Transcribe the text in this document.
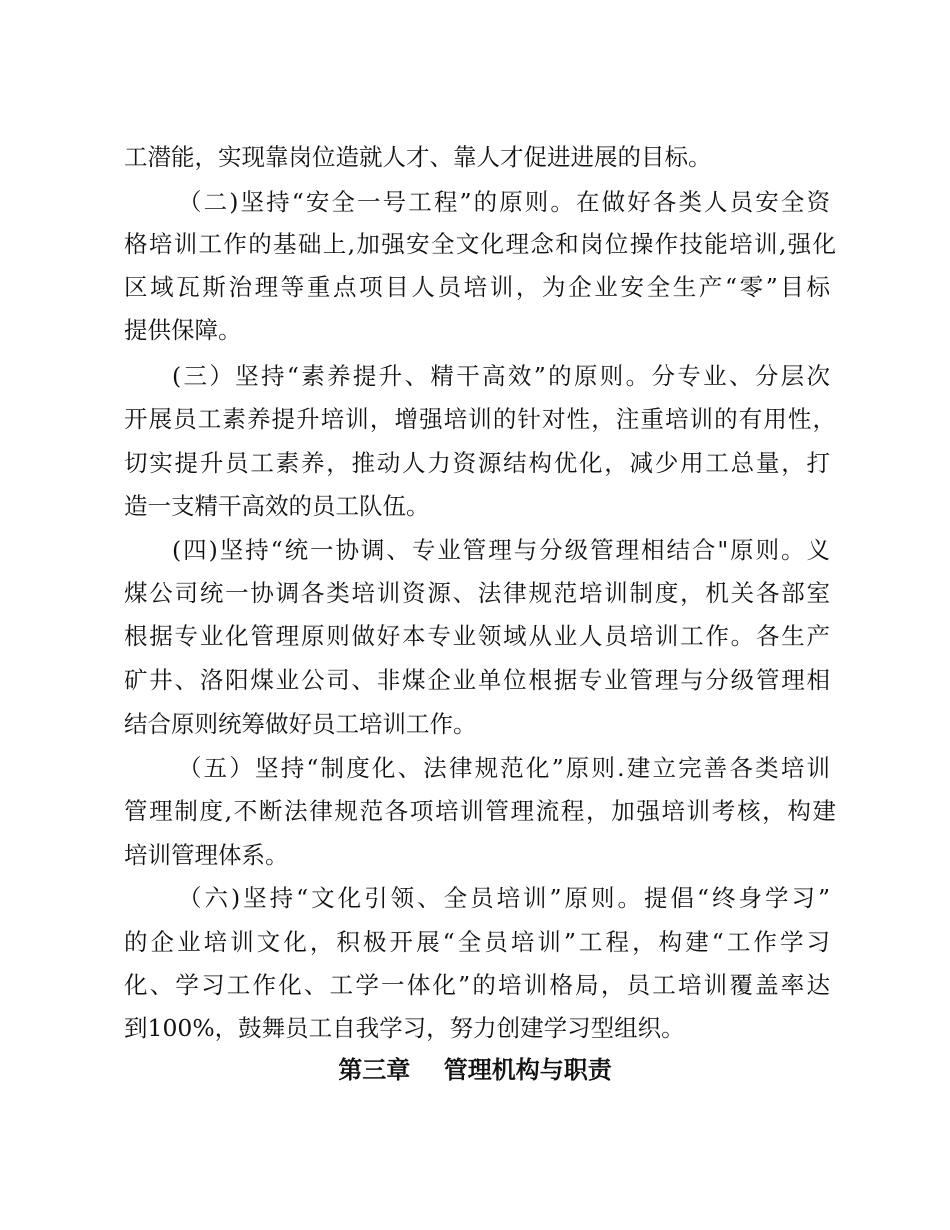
工潜能，实现靠岗位造就人才、靠人才促进进展的目标。
（二)坚持“安全一号工程”的原则。在做好各类人员安全资
格培训工作的基础上,加强安全文化理念和岗位操作技能培训,强化
区域瓦斯治理等重点项目人员培训，为企业安全生产“零”目标
提供保障。
(三）坚持“素养提升、精干高效”的原则。分专业、分层次
开展员工素养提升培训，增强培训的针对性，注重培训的有用性，
切实提升员工素养，推动人力资源结构优化，减少用工总量，打
造一支精干高效的员工队伍。
(四)坚持“统一协调、专业管理与分级管理相结合"原则。义
煤公司统一协调各类培训资源、法律规范培训制度，机关各部室
根据专业化管理原则做好本专业领域从业人员培训工作。各生产
矿井、洛阳煤业公司、非煤企业单位根据专业管理与分级管理相
结合原则统筹做好员工培训工作。
（五）坚持“制度化、法律规范化”原则.建立完善各类培训
管理制度,不断法律规范各项培训管理流程，加强培训考核，构建
培训管理体系。
（六)坚持“文化引领、全员培训”原则。提倡“终身学习”
的企业培训文化，积极开展“全员培训”工程，构建“工作学习
化、学习工作化、工学一体化”的培训格局，员工培训覆盖率达
到100%，鼓舞员工自我学习，努力创建学习型组织。
第三章    管理机构与职责
